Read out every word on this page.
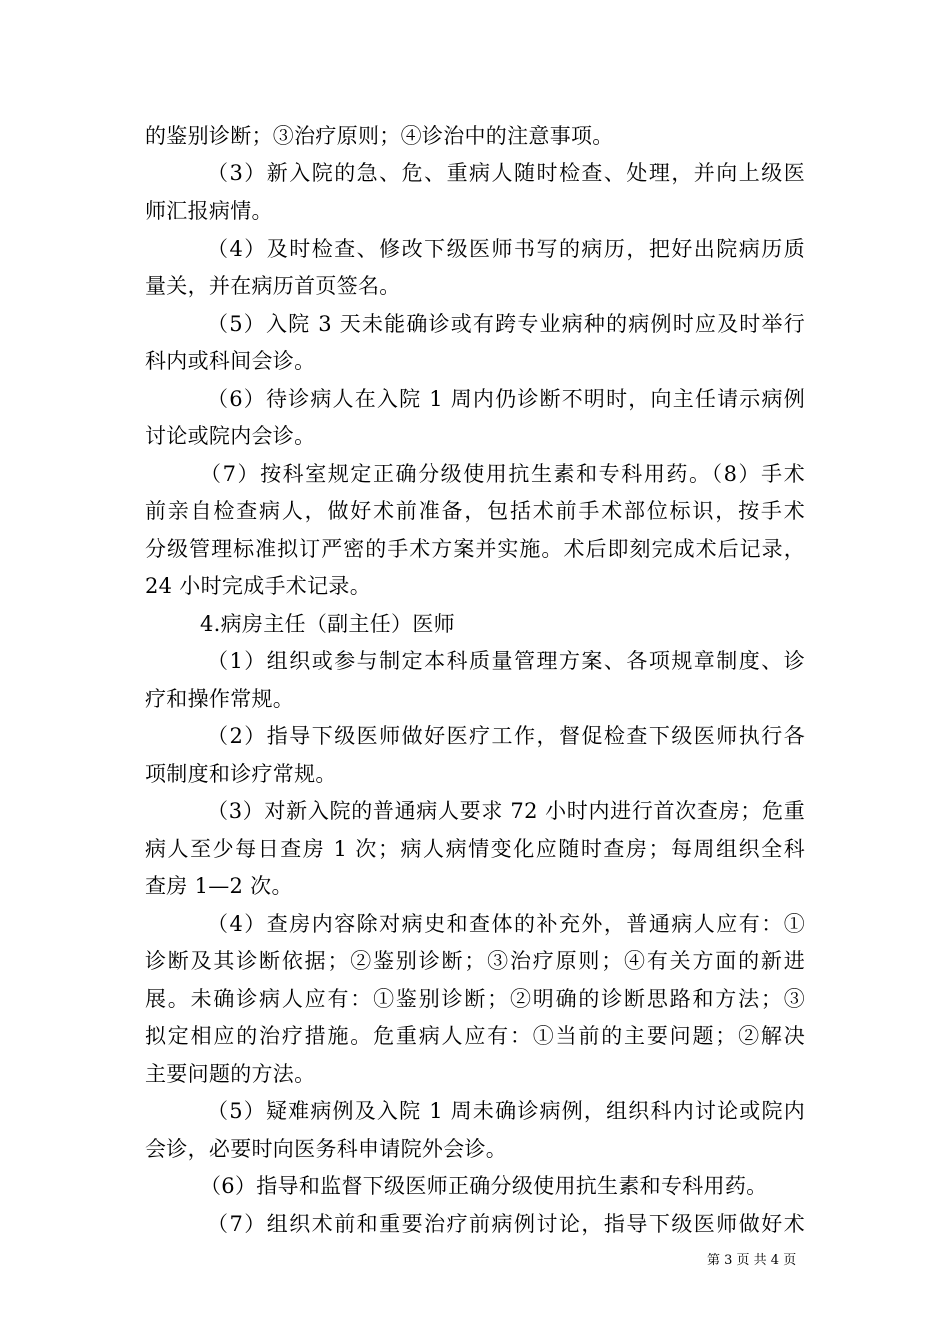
的鉴别诊断；③治疗原则；④诊治中的注意事项。
（3）新入院的急、危、重病人随时检查、处理，并向上级医
师汇报病情。
（4）及时检查、修改下级医师书写的病历，把好出院病历质
量关，并在病历首页签名。
（5）入院 3 天未能确诊或有跨专业病种的病例时应及时举行
科内或科间会诊。
（6）待诊病人在入院 1 周内仍诊断不明时，向主任请示病例
讨论或院内会诊。
（7）按科室规定正确分级使用抗生素和专科用药。（8）手术
前亲自检查病人，做好术前准备，包括术前手术部位标识，按手术
分级管理标准拟订严密的手术方案并实施。术后即刻完成术后记录，
24 小时完成手术记录。
4.病房主任（副主任）医师
（1）组织或参与制定本科质量管理方案、各项规章制度、诊
疗和操作常规。
（2）指导下级医师做好医疗工作，督促检查下级医师执行各
项制度和诊疗常规。
（3）对新入院的普通病人要求 72 小时内进行首次查房；危重
病人至少每日查房 1 次；病人病情变化应随时查房；每周组织全科
查房 1—2 次。
（4）查房内容除对病史和查体的补充外，普通病人应有：①
诊断及其诊断依据；②鉴别诊断；③治疗原则；④有关方面的新进
展。未确诊病人应有：①鉴别诊断；②明确的诊断思路和方法；③
拟定相应的治疗措施。危重病人应有：①当前的主要问题；②解决
主要问题的方法。
（5）疑难病例及入院 1 周未确诊病例，组织科内讨论或院内
会诊，必要时向医务科申请院外会诊。
（6）指导和监督下级医师正确分级使用抗生素和专科用药。
（7）组织术前和重要治疗前病例讨论，指导下级医师做好术
第 3 页 共 4 页
